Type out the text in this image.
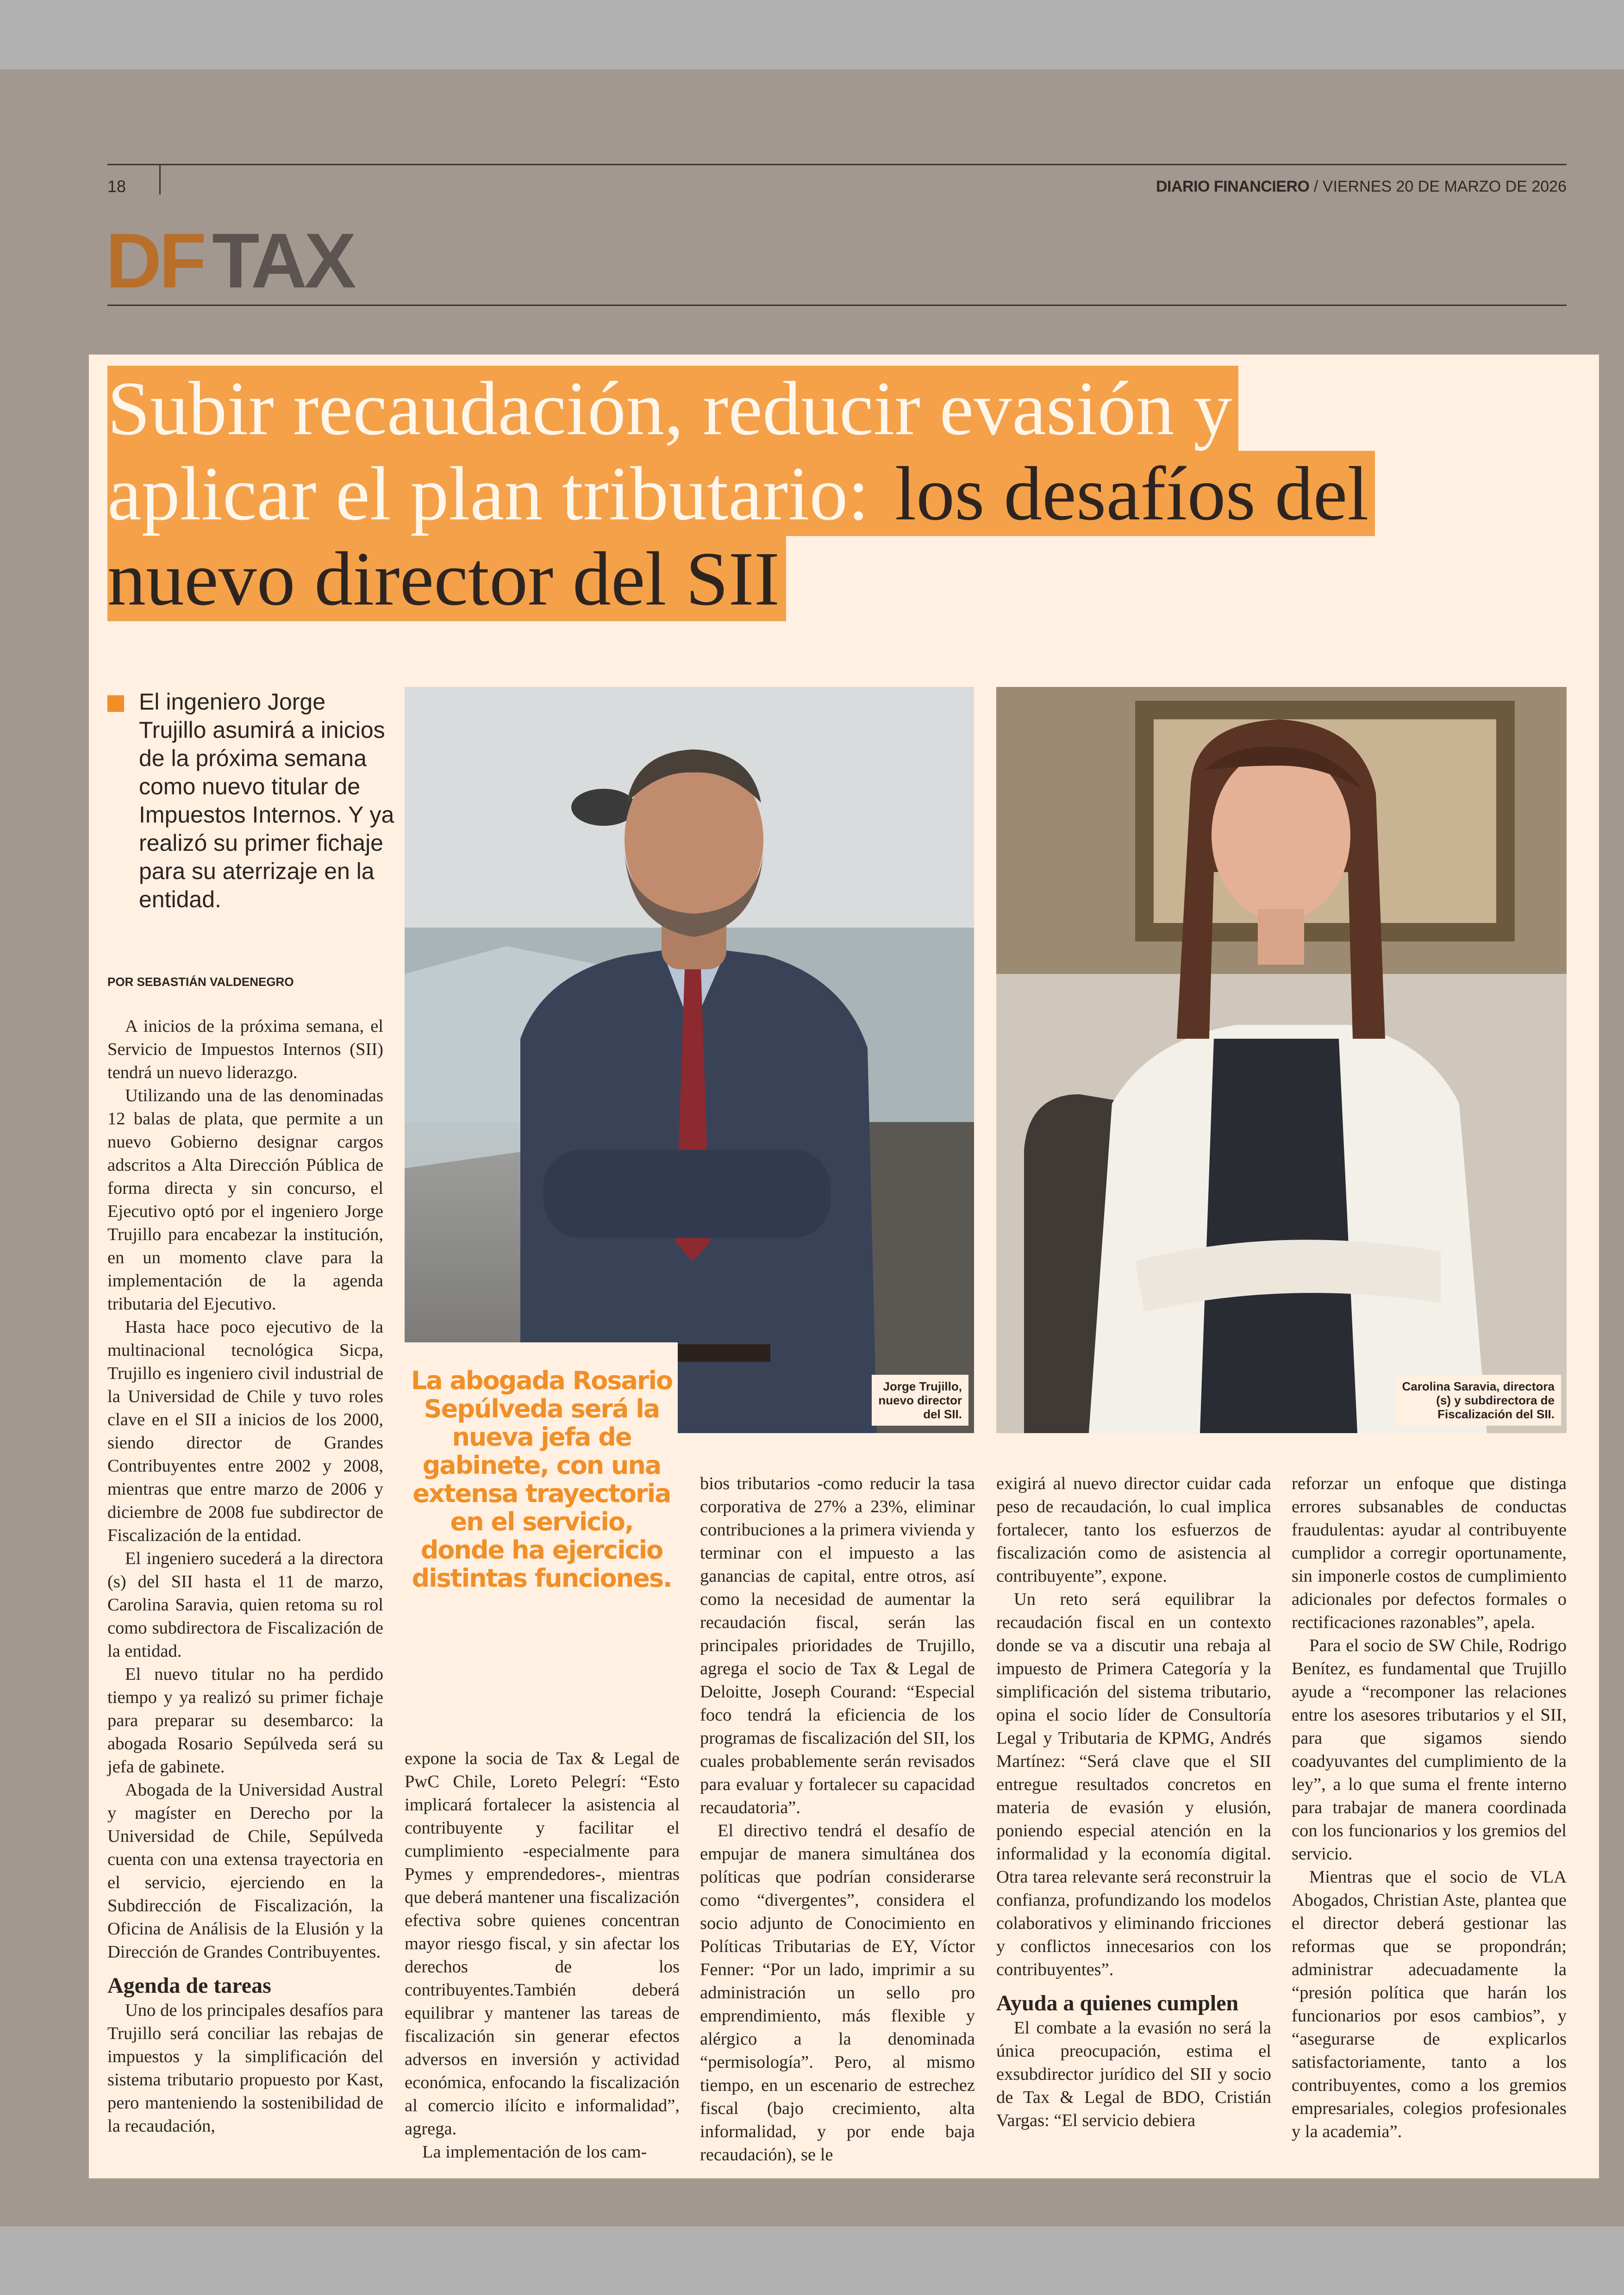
18	DIARIO FINANCIERO / VIERNES 20 DE MARZO DE 2026
DF TAX
Subir recaudación, reducir evasión y aplicar el plan tributario: los desafíos del nuevo director del SII
El ingeniero Jorge Trujillo asumirá a inicios de la próxima semana como nuevo titular de Impuestos Internos. Y ya realizó su primer fichaje para su aterrizaje en la entidad.
POR SEBASTIÁN VALDENEGRO
Jorge Trujillo,
nuevo director
del SII.
Carolina Saravia, directora
(s) y subdirectora de
Fiscalización del SII.
La abogada Rosario Sepúlveda será la nueva jefa de gabinete, con una extensa trayectoria en el servicio, donde ha ejercicio distintas funciones.

A inicios de la próxima semana, el Servicio de Impuestos Internos (SII) tendrá un nuevo liderazgo.

Utilizando una de las denominadas 12 balas de plata, que permite a un nuevo Gobierno designar cargos adscritos a Alta Dirección Pública de forma directa y sin concurso, el Ejecutivo optó por el ingeniero Jorge Trujillo para encabezar la institución, en un momento clave para la implementación de la agenda tributaria del Ejecutivo.

Hasta hace poco ejecutivo de la multinacional tecnológica Sicpa, Trujillo es ingeniero civil industrial de la Universidad de Chile y tuvo roles clave en el SII a inicios de los 2000, siendo director de Grandes Contribuyentes entre 2002 y 2008, mientras que entre marzo de 2006 y diciembre de 2008 fue subdirector de Fiscalización de la entidad.

El ingeniero sucederá a la directora (s) del SII hasta el 11 de marzo, Carolina Saravia, quien retoma su rol como subdirectora de Fiscalización de la entidad.

El nuevo titular no ha perdido tiempo y ya realizó su primer fichaje para preparar su desembarco: la abogada Rosario Sepúlveda será su jefa de gabinete.

Abogada de la Universidad Austral y magíster en Derecho por la Universidad de Chile, Sepúlveda cuenta con una extensa trayectoria en el servicio, ejerciendo en la Subdirección de Fiscalización, la Oficina de Análisis de la Elusión y la Dirección de Grandes Contribuyentes.

Agenda de tareas

Uno de los principales desafíos para Trujillo será conciliar las rebajas de impuestos y la simplificación del sistema tributario propuesto por Kast, pero manteniendo la sostenibilidad de la recaudación,

expone la socia de Tax & Legal de PwC Chile, Loreto Pelegrí: “Esto implicará fortalecer la asistencia al contribuyente y facilitar el cumplimiento -especialmente para Pymes y emprendedores-, mientras que deberá mantener una fiscalización efectiva sobre quienes concentran mayor riesgo fiscal, y sin afectar los derechos de los contribuyentes.También deberá equilibrar y mantener las tareas de fiscalización sin generar efectos adversos en inversión y actividad económica, enfocando la fiscalización al comercio ilícito e informalidad”, agrega.

La implementación de los cam-

bios tributarios -como reducir la tasa corporativa de 27% a 23%, eliminar contribuciones a la primera vivienda y terminar con el impuesto a las ganancias de capital, entre otros, así como la necesidad de aumentar la recaudación fiscal, serán las principales prioridades de Trujillo, agrega el socio de Tax & Legal de Deloitte, Joseph Courand: “Especial foco tendrá la eficiencia de los programas de fiscalización del SII, los cuales probablemente serán revisados para evaluar y fortalecer su capacidad recaudatoria”.

El directivo tendrá el desafío de empujar de manera simultánea dos políticas que podrían considerarse como “divergentes”, considera el socio adjunto de Conocimiento en Políticas Tributarias de EY, Víctor Fenner: “Por un lado, imprimir a su administración un sello pro emprendimiento, más flexible y alérgico a la denominada “permisología”. Pero, al mismo tiempo, en un escenario de estrechez fiscal (bajo crecimiento, alta informalidad, y por ende baja recaudación), se le

exigirá al nuevo director cuidar cada peso de recaudación, lo cual implica fortalecer, tanto los esfuerzos de fiscalización como de asistencia al contribuyente”, expone.

Un reto será equilibrar la recaudación fiscal en un contexto donde se va a discutir una rebaja al impuesto de Primera Categoría y la simplificación del sistema tributario, opina el socio líder de Consultoría Legal y Tributaria de KPMG, Andrés Martínez: “Será clave que el SII entregue resultados concretos en materia de evasión y elusión, poniendo especial atención en la informalidad y la economía digital. Otra tarea relevante será reconstruir la confianza, profundizando los modelos colaborativos y eliminando fricciones y conflictos innecesarios con los contribuyentes”.

Ayuda a quienes cumplen

El combate a la evasión no será la única preocupación, estima el exsubdirector jurídico del SII y socio de Tax & Legal de BDO, Cristián Vargas: “El servicio debiera

reforzar un enfoque que distinga errores subsanables de conductas fraudulentas: ayudar al contribuyente cumplidor a corregir oportunamente, sin imponerle costos de cumplimiento adicionales por defectos formales o rectificaciones razonables”, apela.

Para el socio de SW Chile, Rodrigo Benítez, es fundamental que Trujillo ayude a “recomponer las relaciones entre los asesores tributarios y el SII, para que sigamos siendo coadyuvantes del cumplimiento de la ley”, a lo que suma el frente interno para trabajar de manera coordinada con los funcionarios y los gremios del servicio.

Mientras que el socio de VLA Abogados, Christian Aste, plantea que el director deberá gestionar las reformas que se propondrán; administrar adecuadamente la “presión política que harán los funcionarios por esos cambios”, y “asegurarse de explicarlos satisfactoriamente, tanto a los contribuyentes, como a los gremios empresariales, colegios profesionales y la academia”.
